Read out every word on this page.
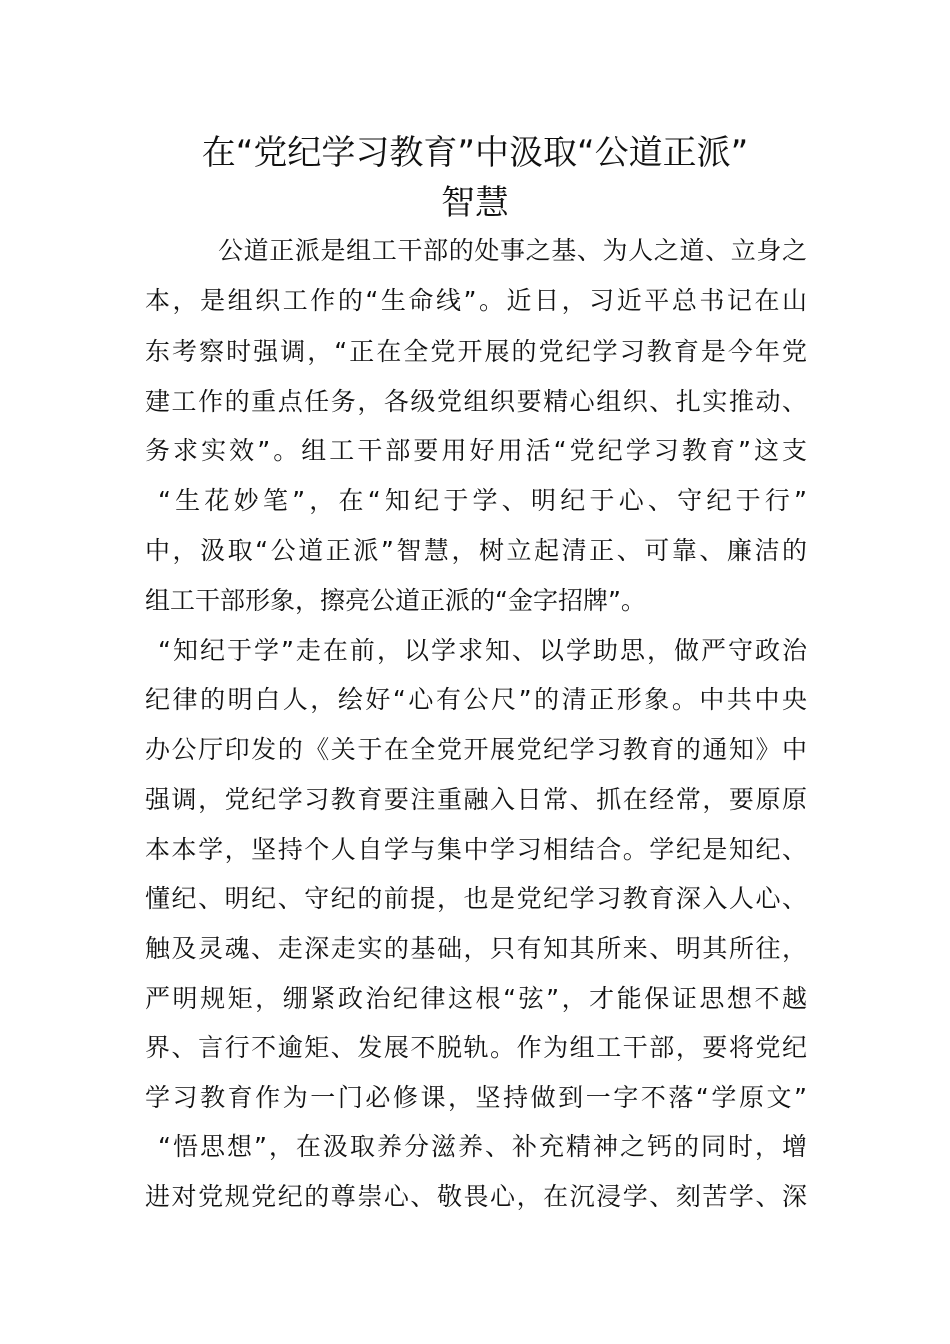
在“党纪学习教育”中汲取“公道正派”
智慧

公道正派是组工干部的处事之基、为人之道、立身之

本，是组织工作的“生命线”。近日，习近平总书记在山

东考察时强调，“正在全党开展的党纪学习教育是今年党

建工作的重点任务，各级党组织要精心组织、扎实推动、

务求实效”。组工干部要用好用活“党纪学习教育”这支

“生花妙笔”，在“知纪于学、明纪于心、守纪于行”

中，汲取“公道正派”智慧，树立起清正、可靠、廉洁的

组工干部形象，擦亮公道正派的“金字招牌”。

“知纪于学”走在前，以学求知、以学助思，做严守政治

纪律的明白人，绘好“心有公尺”的清正形象。中共中央

办公厅印发的《关于在全党开展党纪学习教育的通知》中

强调，党纪学习教育要注重融入日常、抓在经常，要原原

本本学，坚持个人自学与集中学习相结合。学纪是知纪、

懂纪、明纪、守纪的前提，也是党纪学习教育深入人心、

触及灵魂、走深走实的基础，只有知其所来、明其所往，

严明规矩，绷紧政治纪律这根“弦”，才能保证思想不越

界、言行不逾矩、发展不脱轨。作为组工干部，要将党纪

学习教育作为一门必修课，坚持做到一字不落“学原文”

“悟思想”，在汲取养分滋养、补充精神之钙的同时，增

进对党规党纪的尊崇心、敬畏心，在沉浸学、刻苦学、深
